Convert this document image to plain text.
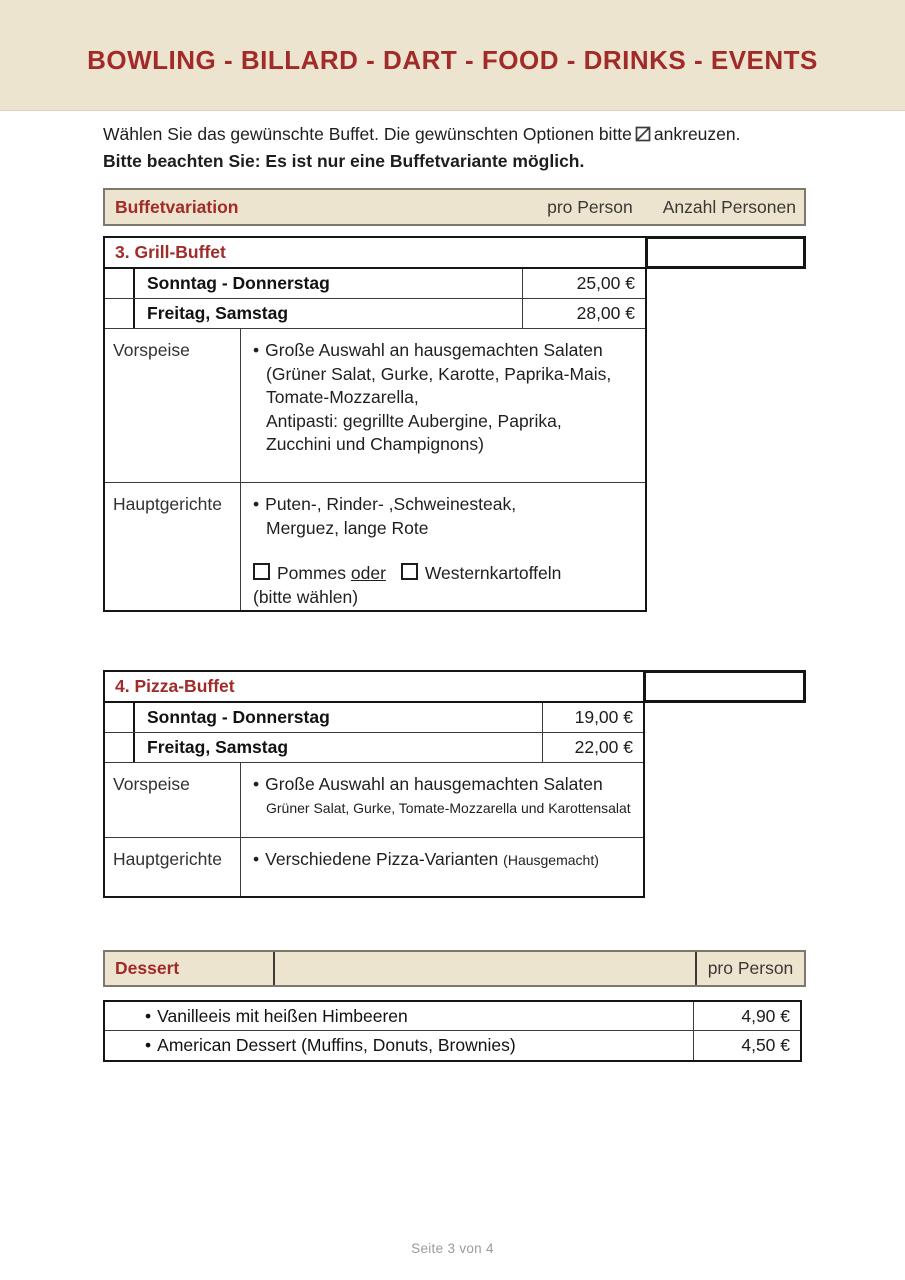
BOWLING - BILLARD - DART - FOOD - DRINKS - EVENTS
Wählen Sie das gewünschte Buffet. Die gewünschten Optionen bitte ankreuzen.
Bitte beachten Sie: Es ist nur eine Buffetvariante möglich.
Buffetvariation	pro Person Anzahl Personen
3. Grill-Buffet
Sonntag - Donnerstag	25,00 €
Freitag, Samstag	28,00 €
Vorspeise	• Große Auswahl an hausgemachten Salaten
(Grüner Salat, Gurke, Karotte, Paprika-Mais,
Tomate-Mozzarella,
Antipasti: gegrillte Aubergine, Paprika,
Zucchini und Champignons)
Hauptgerichte	• Puten-, Rinder- ,Schweinesteak,
Merguez, lange Rote
Pommes oder Westernkartoffeln
(bitte wählen)
4. Pizza-Buffet
Sonntag - Donnerstag	19,00 €
Freitag, Samstag	22,00 €
Vorspeise	• Große Auswahl an hausgemachten Salaten
Grüner Salat, Gurke, Tomate-Mozzarella und Karottensalat
Hauptgerichte	• Verschiedene Pizza-Varianten (Hausgemacht)
Dessert	pro Person
• Vanilleeis mit heißen Himbeeren	4,90 €
• American Dessert (Muffins, Donuts, Brownies)	4,50 €
Seite 3 von 4
